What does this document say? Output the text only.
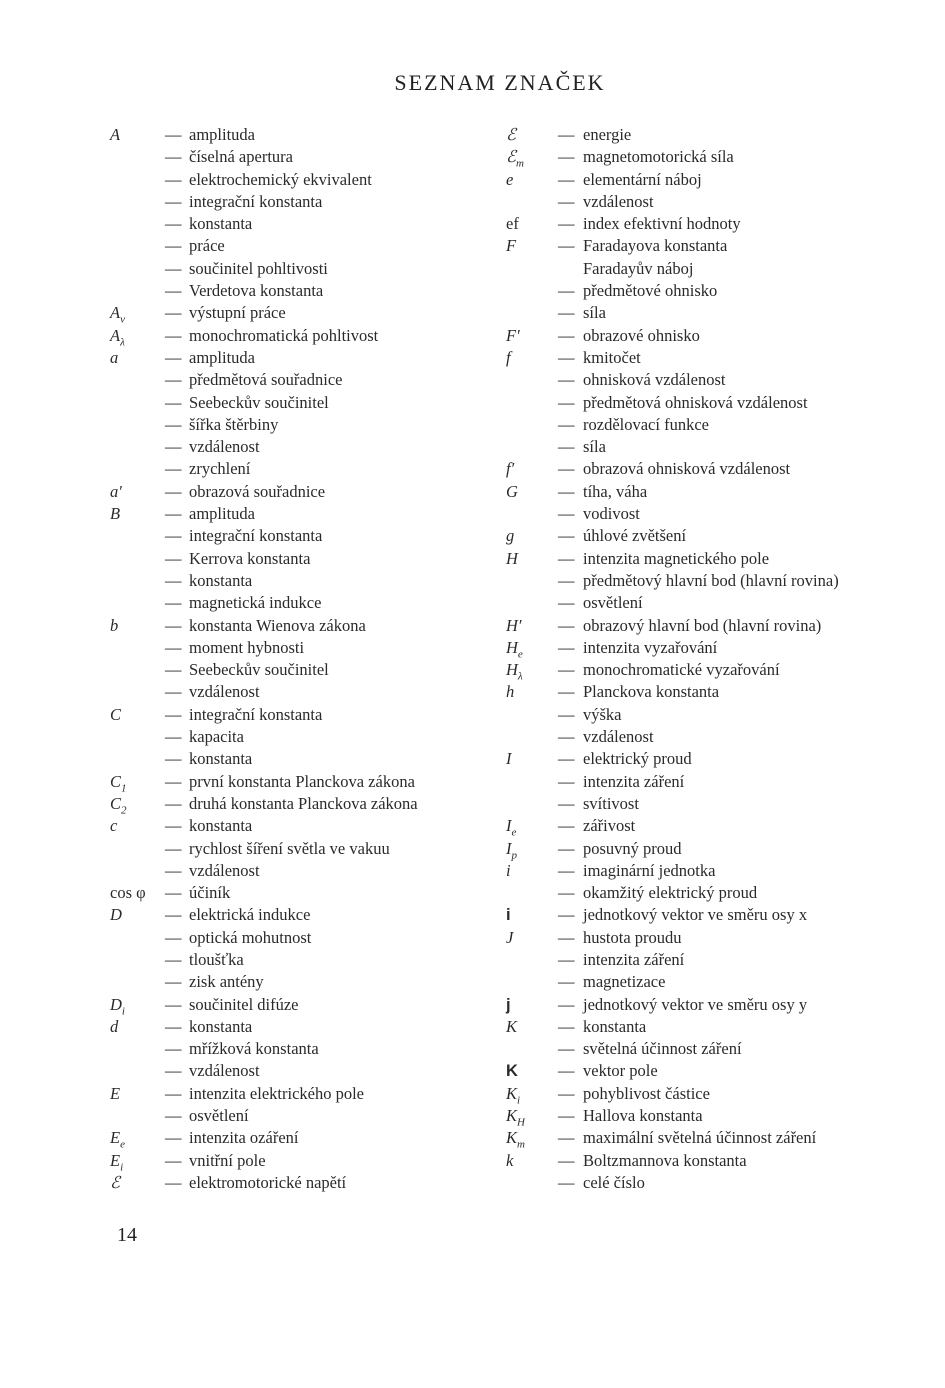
SEZNAM ZNAČEK
A	— amplituda
— číselná apertura
— elektrochemický ekvivalent
— integrační konstanta
— konstanta
— práce
— součinitel pohltivosti
— Verdetova konstanta
$A_v$ — výstupní práce
$A_\lambda$ — monochromatická pohltivost
a	— amplituda
— předmětová souřadnice
— Seebeckův součinitel
— šířka štěrbiny
— vzdálenost
— zrychlení
a′	— obrazová souřadnice
B	— amplituda
— integrační konstanta
— Kerrova konstanta
— konstanta
— magnetická indukce
b	— konstanta Wienova zákona
— moment hybnosti
— Seebeckův součinitel
— vzdálenost
C	— integrační konstanta
— kapacita
— konstanta
$C_1$ — první konstanta Planckova zákona
$C_2$ — druhá konstanta Planckova zákona
c	— konstanta
— rychlost šíření světla ve vakuu
— vzdálenost
cos φ — účiník
D	— elektrická indukce
— optická mohutnost
— tloušťka
— zisk antény
$D_i$ — součinitel difúze
d	— konstanta
— mřížková konstanta
— vzdálenost
E	— intenzita elektrického pole
— osvětlení
$E_e$ — intenzita ozáření
$E_i$	— vnitřní pole
ℰ	— elektromotorické napětí
ℰ	— energie
ℰ$_m$ — magnetomotorická síla
e	— elementární náboj
— vzdálenost
ef — index efektivní hodnoty
F	— Faradayova konstanta
Faradayův náboj
— předmětové ohnisko
— síla
F′ — obrazové ohnisko
f	— kmitočet
— ohnisková vzdálenost
— předmětová ohnisková vzdálenost
— rozdělovací funkce
— síla
f′	— obrazová ohnisková vzdálenost
G — tíha, váha
— vodivost
g	— úhlové zvětšení
H — intenzita magnetického pole
— předmětový hlavní bod (hlavní rovina)
— osvětlení
H′ — obrazový hlavní bod (hlavní rovina)
$H_e$ — intenzita vyzařování
$H_\lambda$ — monochromatické vyzařování
h	— Planckova konstanta
— výška
— vzdálenost
I	— elektrický proud
— intenzita záření
— svítivost
$I_e$	— zářivost
$I_p$ — posuvný proud
i	— imaginární jednotka
— okamžitý elektrický proud
i	— jednotkový vektor ve směru osy x
J	— hustota proudu
— intenzita záření
— magnetizace
j	— jednotkový vektor ve směru osy y
K — konstanta
— světelná účinnost záření
K — vektor pole
$K_i$ — pohyblivost částice
$K_H$ — Hallova konstanta
$K_m$ — maximální světelná účinnost záření
k	— Boltzmannova konstanta
— celé číslo
14
